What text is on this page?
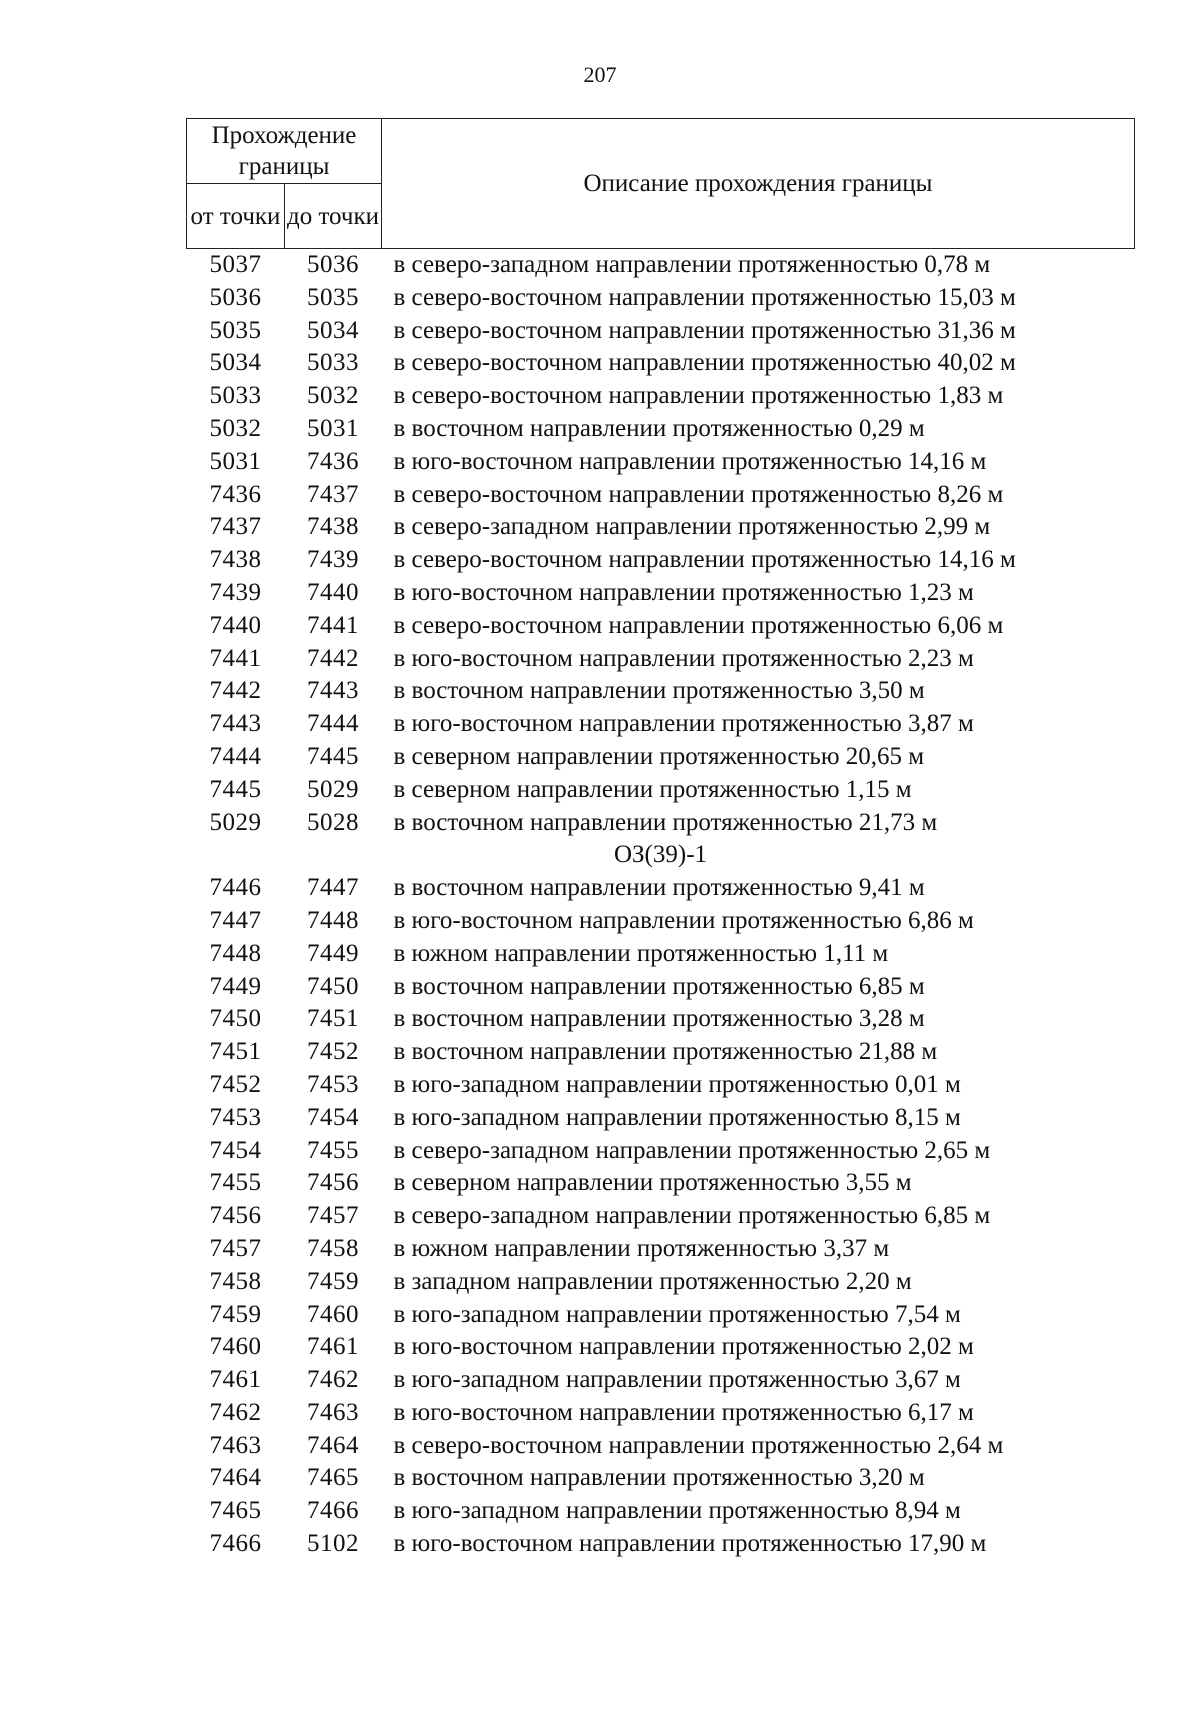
207
Прохождение границы		Описание прохождения границы
от точки	до точки	
5037	5036	в северо-западном направлении протяженностью 0,78 м
5036	5035	в северо-восточном направлении протяженностью 15,03 м
5035	5034	в северо-восточном направлении протяженностью 31,36 м
5034	5033	в северо-восточном направлении протяженностью 40,02 м
5033	5032	в северо-восточном направлении протяженностью 1,83 м
5032	5031	в восточном направлении протяженностью 0,29 м
5031	7436	в юго-восточном направлении протяженностью 14,16 м
7436	7437	в северо-восточном направлении протяженностью 8,26 м
7437	7438	в северо-западном направлении протяженностью 2,99 м
7438	7439	в северо-восточном направлении протяженностью 14,16 м
7439	7440	в юго-восточном направлении протяженностью 1,23 м
7440	7441	в северо-восточном направлении протяженностью 6,06 м
7441	7442	в юго-восточном направлении протяженностью 2,23 м
7442	7443	в восточном направлении протяженностью 3,50 м
7443	7444	в юго-восточном направлении протяженностью 3,87 м
7444	7445	в северном направлении протяженностью 20,65 м
7445	5029	в северном направлении протяженностью 1,15 м
5029	5028	в восточном направлении протяженностью 21,73 м
ОЗ(39)-1		
7446	7447	в восточном направлении протяженностью 9,41 м
7447	7448	в юго-восточном направлении протяженностью 6,86 м
7448	7449	в южном направлении протяженностью 1,11 м
7449	7450	в восточном направлении протяженностью 6,85 м
7450	7451	в восточном направлении протяженностью 3,28 м
7451	7452	в восточном направлении протяженностью 21,88 м
7452	7453	в юго-западном направлении протяженностью 0,01 м
7453	7454	в юго-западном направлении протяженностью 8,15 м
7454	7455	в северо-западном направлении протяженностью 2,65 м
7455	7456	в северном направлении протяженностью 3,55 м
7456	7457	в северо-западном направлении протяженностью 6,85 м
7457	7458	в южном направлении протяженностью 3,37 м
7458	7459	в западном направлении протяженностью 2,20 м
7459	7460	в юго-западном направлении протяженностью 7,54 м
7460	7461	в юго-восточном направлении протяженностью 2,02 м
7461	7462	в юго-западном направлении протяженностью 3,67 м
7462	7463	в юго-восточном направлении протяженностью 6,17 м
7463	7464	в северо-восточном направлении протяженностью 2,64 м
7464	7465	в восточном направлении протяженностью 3,20 м
7465	7466	в юго-западном направлении протяженностью 8,94 м
7466	5102	в юго-восточном направлении протяженностью 17,90 м
